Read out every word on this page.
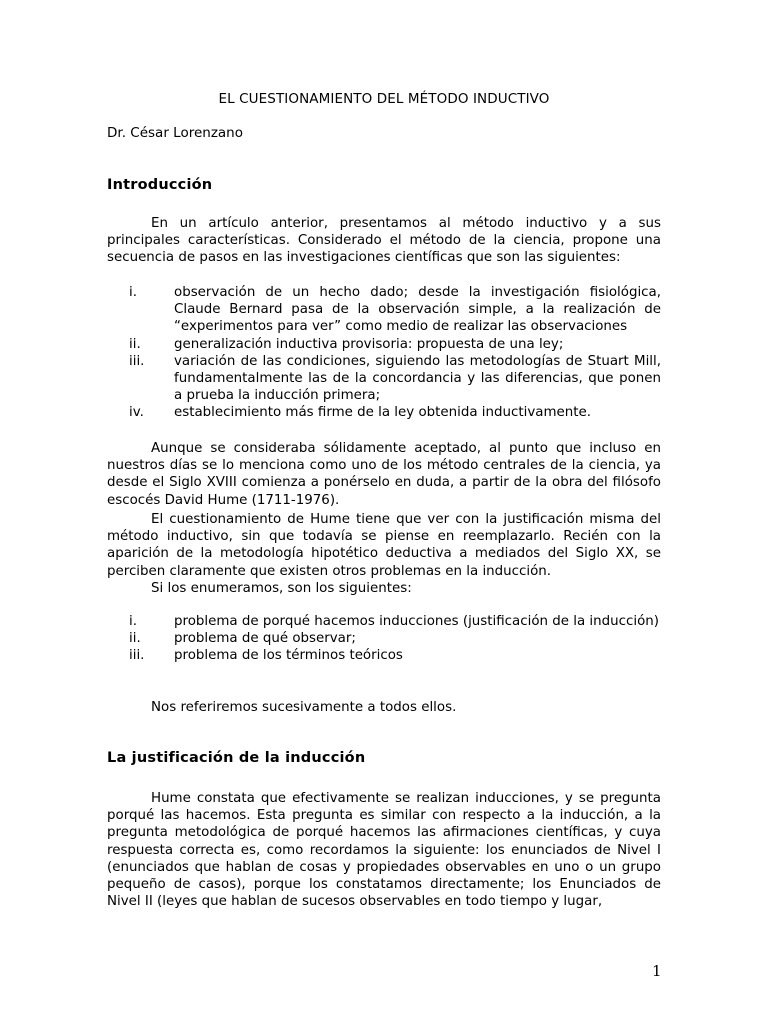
EL CUESTIONAMIENTO DEL MÉTODO INDUCTIVO
Dr. César Lorenzano
Introducción

En un artículo anterior, presentamos al método inductivo y a sus principales características. Considerado el método de la ciencia, propone una secuencia de pasos en las investigaciones científicas que son las siguientes:

i.	observación de un hecho dado; desde la investigación fisiológica, Claude Bernard pasa de la observación simple, a la realización de “experimentos para ver” como medio de realizar las observaciones
ii. generalización inductiva provisoria: propuesta de una ley;
iii. variación de las condiciones, siguiendo las metodologías de Stuart Mill, fundamentalmente las de la concordancia y las diferencias, que ponen a prueba la inducción primera;
iv. establecimiento más firme de la ley obtenida inductivamente.

Aunque se consideraba sólidamente aceptado, al punto que incluso en nuestros días se lo menciona como uno de los método centrales de la ciencia, ya desde el Siglo XVIII comienza a ponérselo en duda, a partir de la obra del filósofo escocés David Hume (1711-1976).

El cuestionamiento de Hume tiene que ver con la justificación misma del método inductivo, sin que todavía se piense en reemplazarlo. Recién con la aparición de la metodología hipotético deductiva a mediados del Siglo XX, se perciben claramente que existen otros problemas en la inducción.

Si los enumeramos, son los siguientes:

i.	problema de porqué hacemos inducciones (justificación de la inducción)
ii. problema de qué observar;
iii. problema de los términos teóricos

Nos referiremos sucesivamente a todos ellos.

La justificación de la inducción

Hume constata que efectivamente se realizan inducciones, y se pregunta porqué las hacemos. Esta pregunta es similar con respecto a la inducción, a la pregunta metodológica de porqué hacemos las afirmaciones científicas, y cuya respuesta correcta es, como recordamos la siguiente: los enunciados de Nivel I (enunciados que hablan de cosas y propiedades observables en uno o un grupo pequeño de casos), porque los constatamos directamente; los Enunciados de Nivel II (leyes que hablan de sucesos observables en todo tiempo y lugar,

1
